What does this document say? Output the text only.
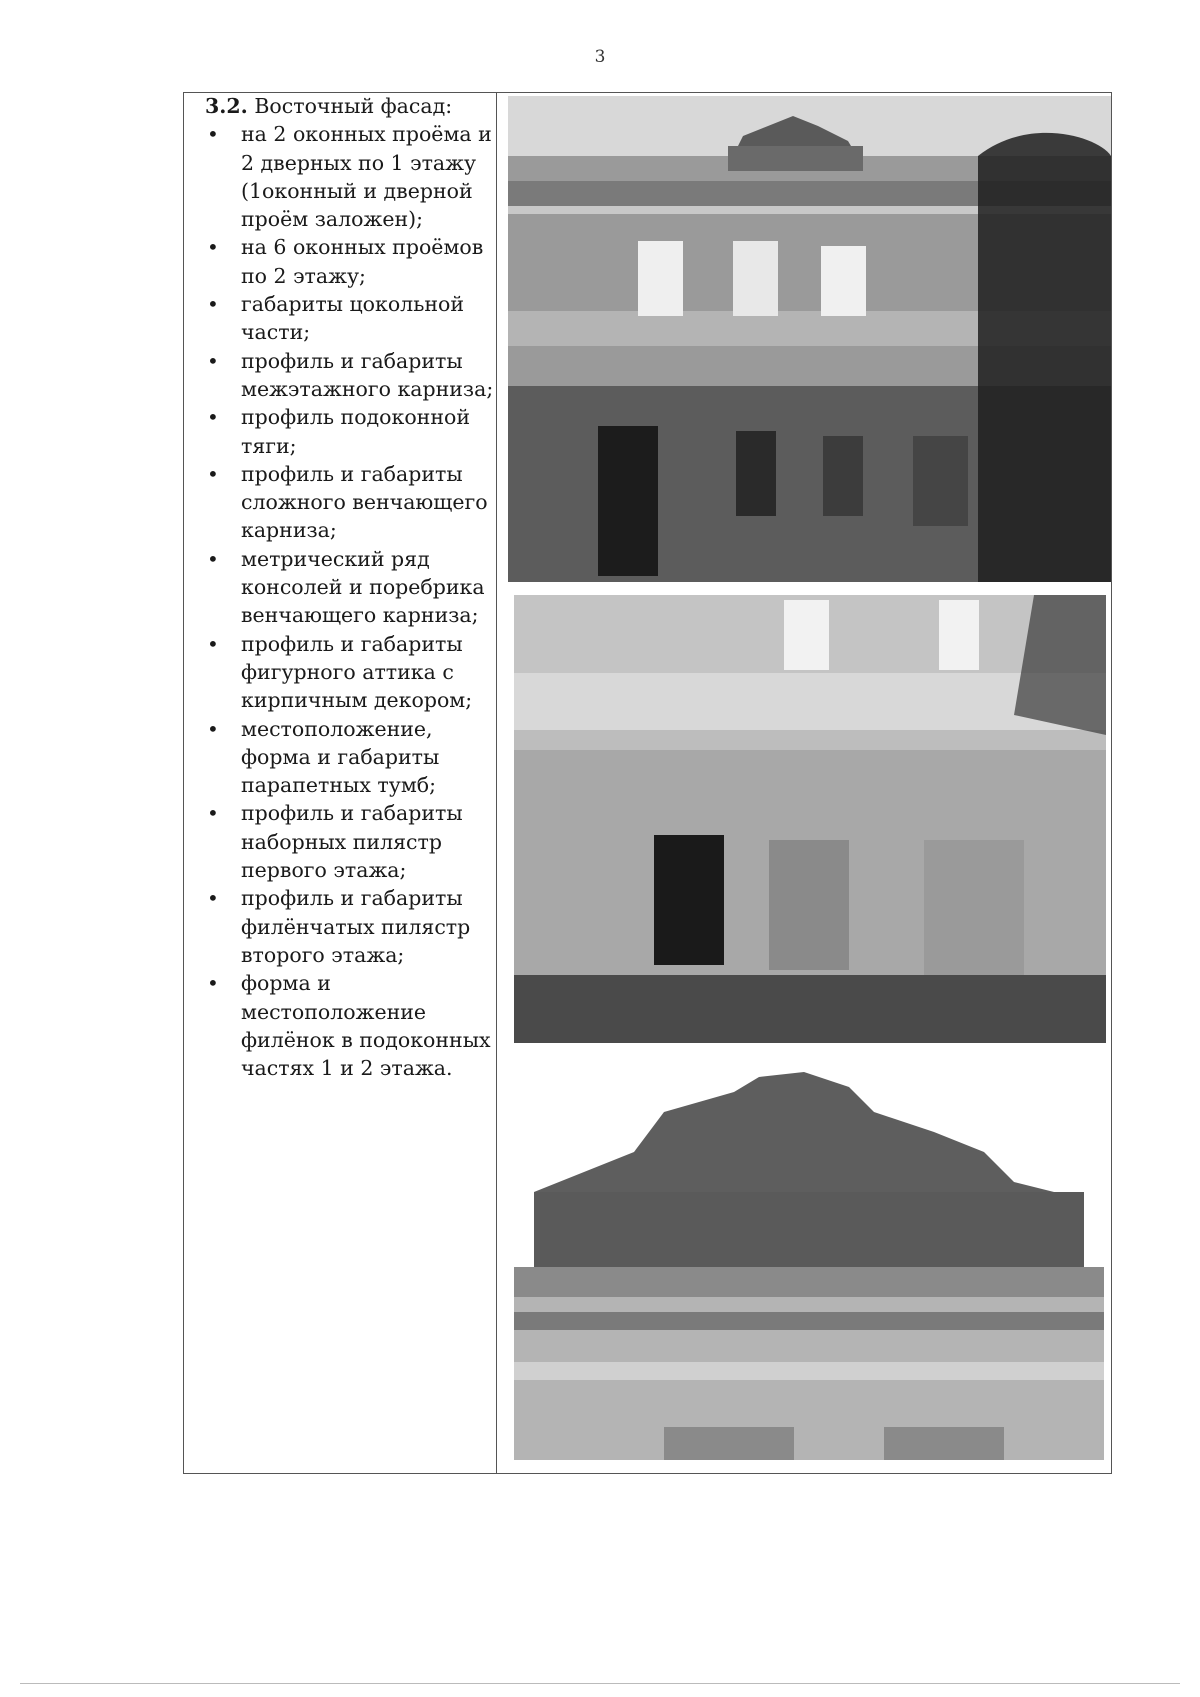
3

3.2. Восточный фасад:

• на 2 оконных проёма и 2 дверных по 1 этажу (1оконный и дверной проём заложен);
• на 6 оконных проёмов по 2 этажу;
• габариты цокольной части;
• профиль и габариты межэтажного карниза;
• профиль подоконной тяги;
• профиль и габариты сложного венчающего карниза;
• метрический ряд консолей и поребрика венчающего карниза;
• профиль и габариты фигурного аттика с кирпичным декором;
• местоположение, форма и габариты парапетных тумб;
• профиль и габариты наборных пилястр первого этажа;
• профиль и габариты филёнчатых пилястр второго этажа;
• форма и местоположение филёнок в подоконных частях 1 и 2 этажа.
